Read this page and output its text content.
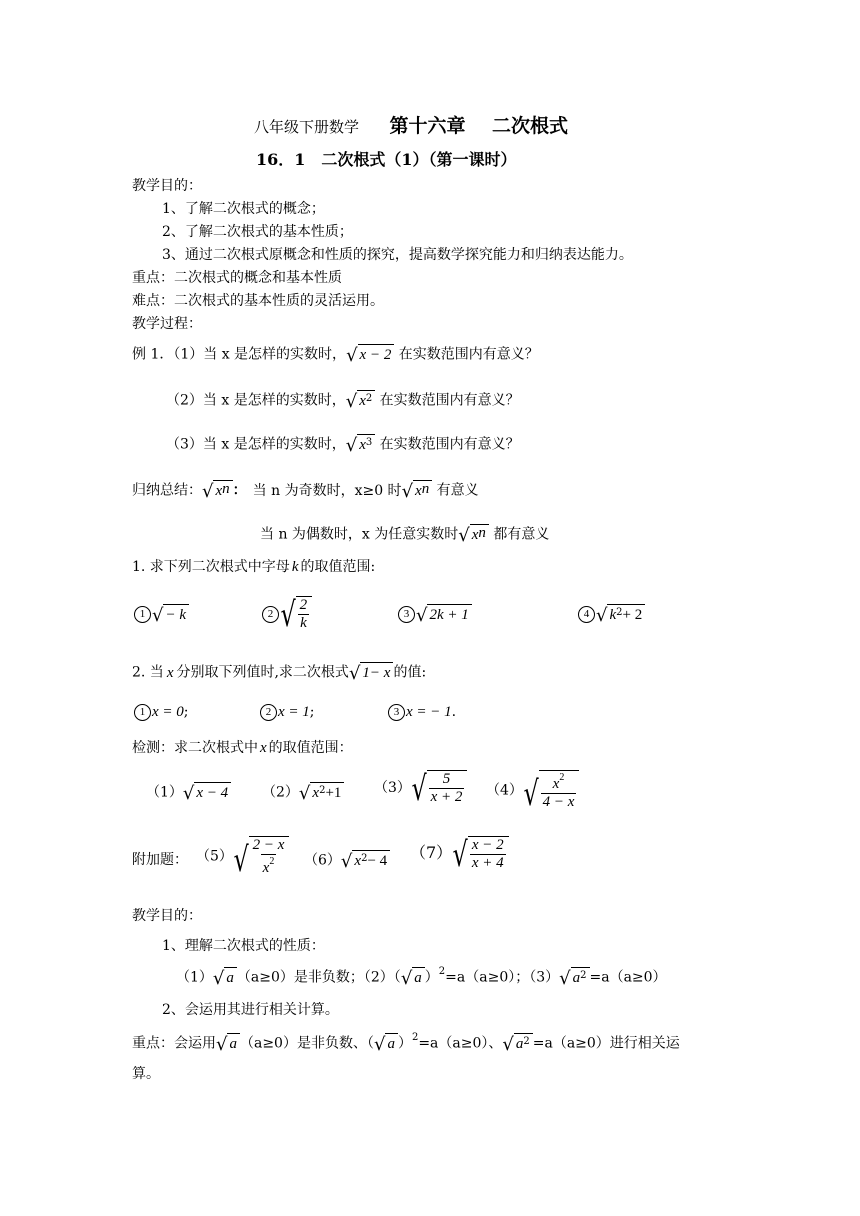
八年级下册数学 第十六章 二次根式
16．1　二次根式（1）（第一课时）
教学目的：
1、了解二次根式的概念；
2、了解二次根式的基本性质；
3、通过二次根式原概念和性质的探究，提高数学探究能力和归纳表达能力。
重点：二次根式的概念和基本性质
难点：二次根式的基本性质的灵活运用。
教学过程：
例 1．（1）当 x 是怎样的实数时， √ x − 2 在实数范围内有意义？
（2）当 x 是怎样的实数时， √ $x^2$ 在实数范围内有意义？
（3）当 x 是怎样的实数时， √ $x^3$ 在实数范围内有意义？
归纳总结： √ $x^n$ ： 当 n 为奇数时，x≥0 时 √ $x^n$ 有意义
当 n 为偶数时，x 为任意实数时 √ $x^n$ 都有意义
1. 求下列二次根式中字母 k 的取值范围:
1 √ − k	2 √ $\frac{2}{k}$	3 √ 2k + 1	4 √ $k^2 + 2$
2. 当 x 分别取下列值时,求二次根式 √ 1− x 的值:
1 x = 0;	2 x = 1;	3 x = − 1.
检测：求二次根式中 x 的取值范围：
（1） √ x − 4 （2） √ $x^2 +1$ （3） √ $\frac{5}{x + 2} (4)$ √ $\frac{x^2}{4 - x}$
附加题： （5） √ $\frac{2 - x}{x^2} (6)$ √ $x^2 - 4$ （7） √ $\frac{x - 2}{x + 4}$
教学目的：
1、理解二次根式的性质：
（1） √ a （a≥0）是非负数；（2）（ √ a ）$^2$=a（a≥0）；（3） √ $a^2 =a(a\ge 0)$
2、会运用其进行相关计算。
重点：会运用 √ a （a≥0）是非负数、（ √ a ）$^2$=a（a≥0）、 √ $a^2 =a(a\ge 0)$进行相关运
算。
